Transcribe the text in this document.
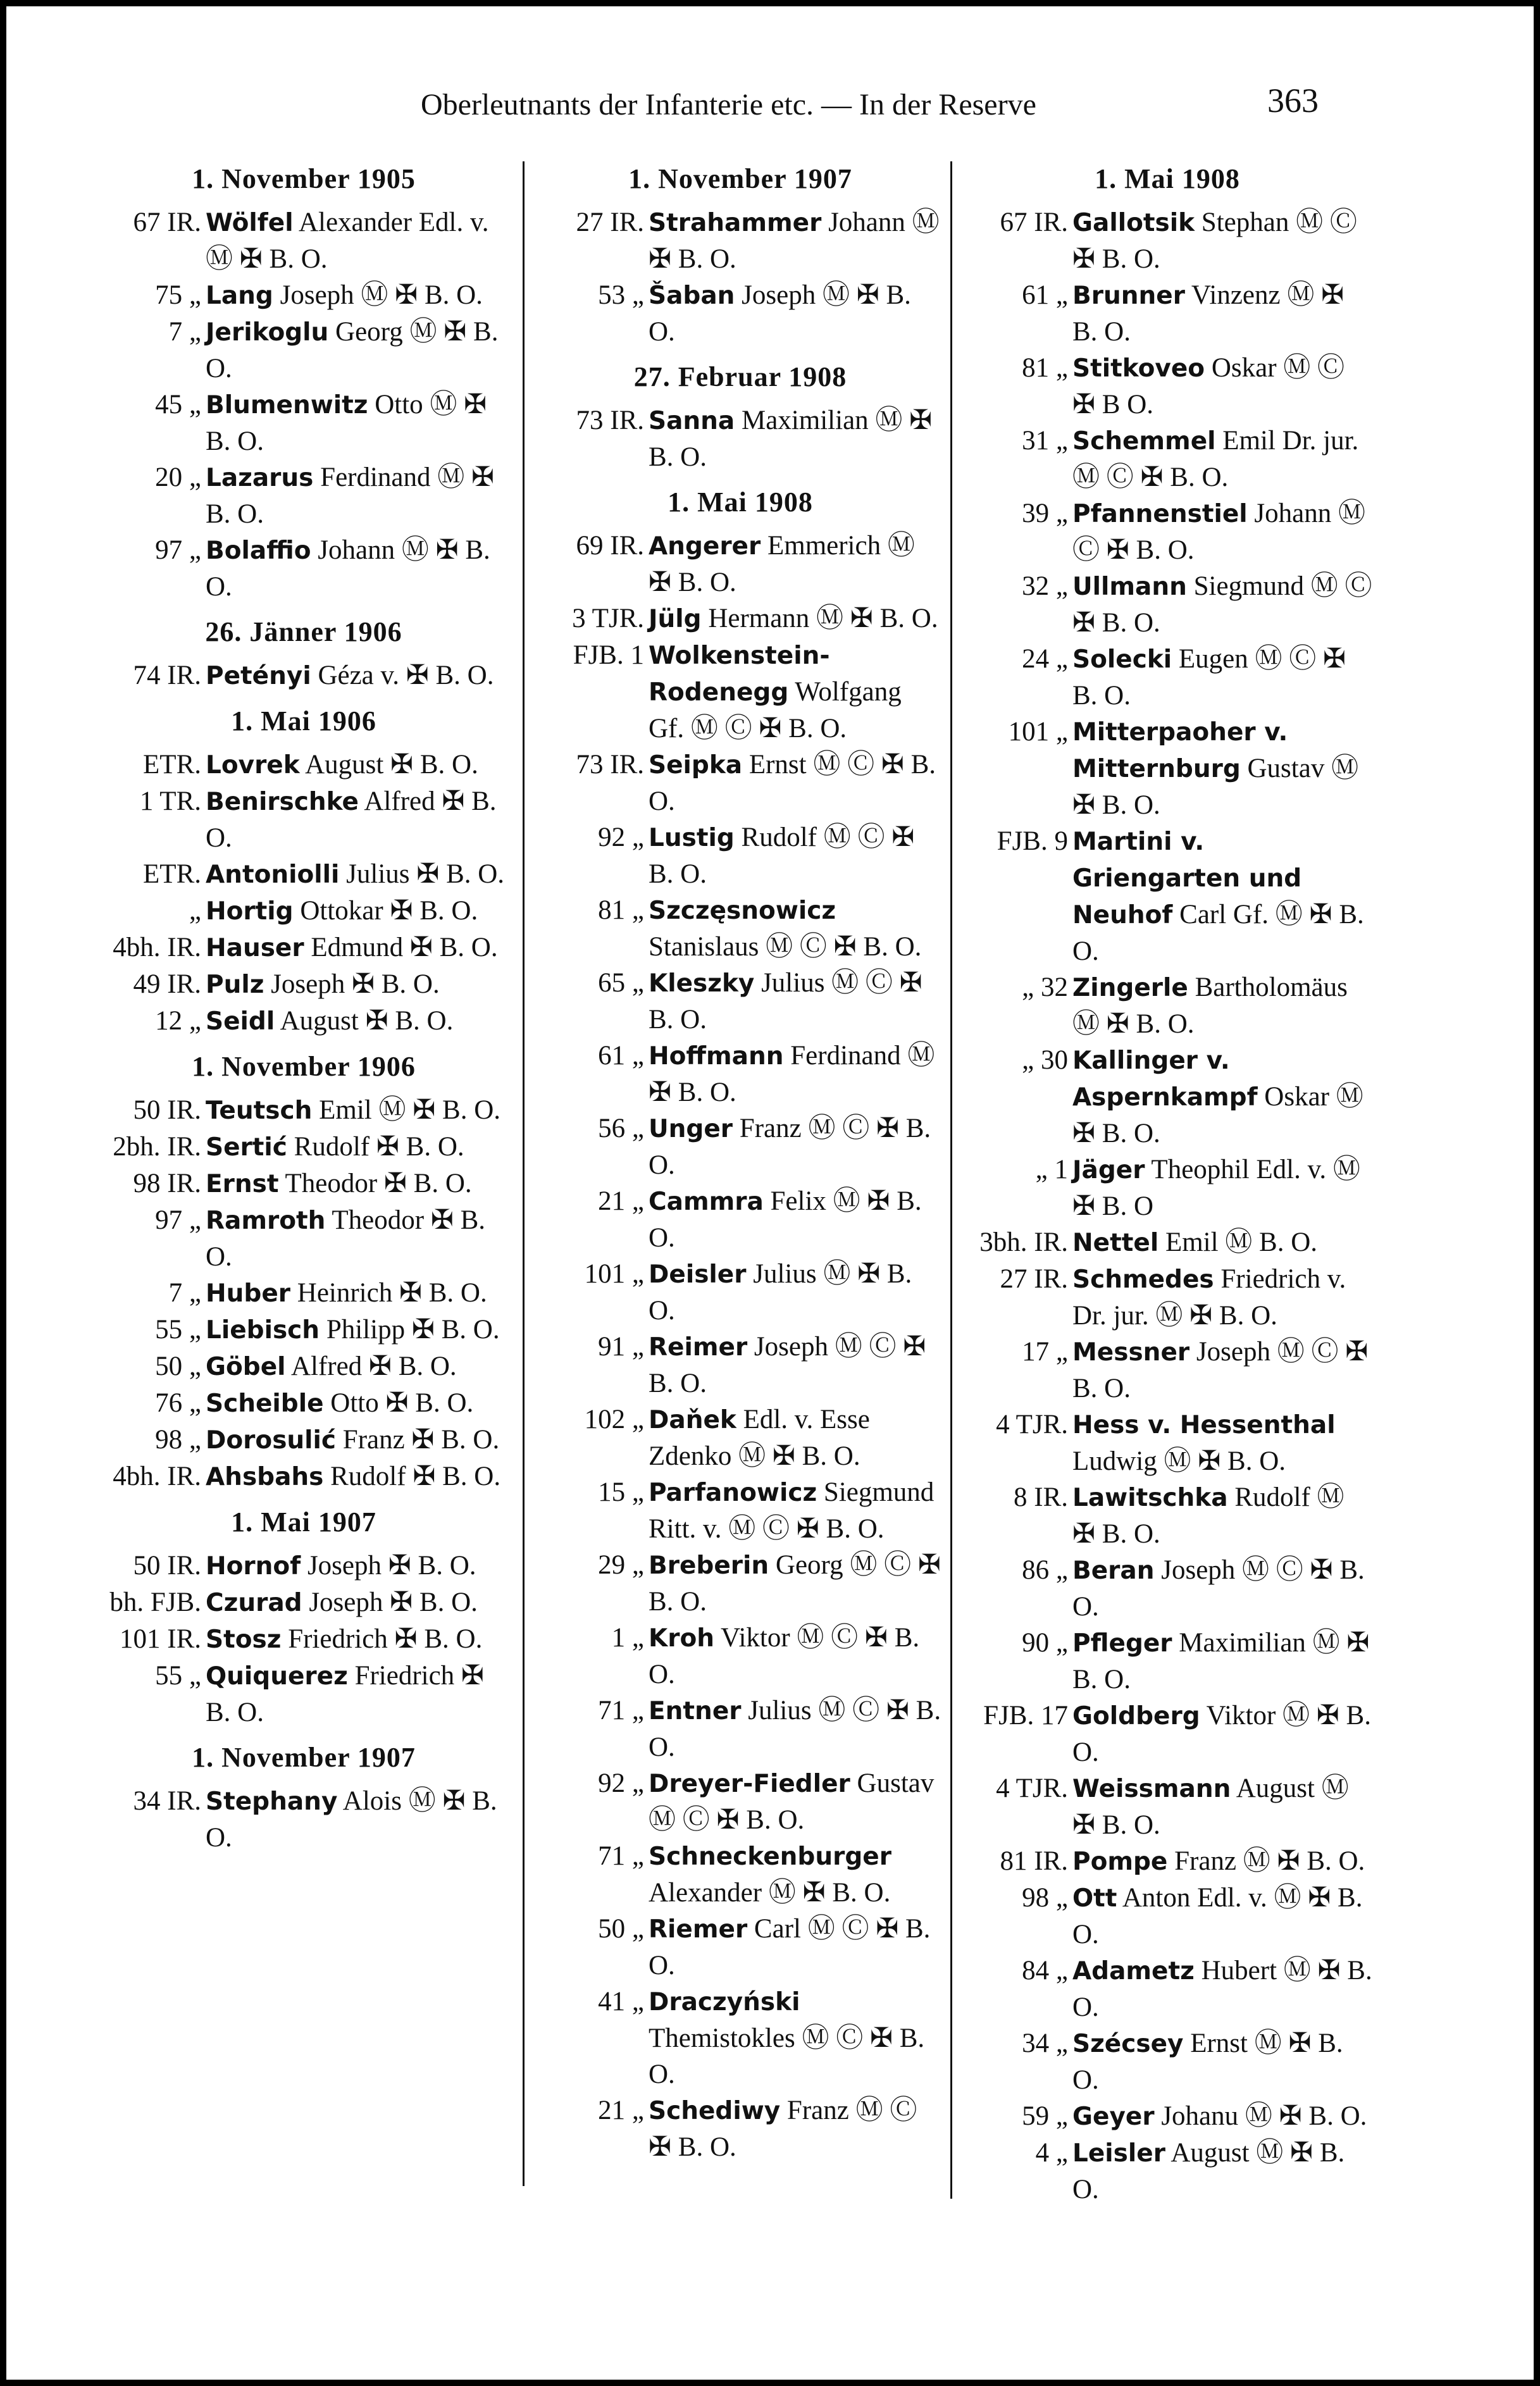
Oberleutnants der Infanterie etc. — In der Reserve	363
1. November 1905
67 IR. Wölfel Alexander Edl. v. Ⓜ ✠ B. O.
75 „ Lang Joseph Ⓜ ✠ B. O.
7 „ Jerikoglu Georg Ⓜ ✠ B. O.
45 „ Blumenwitz Otto Ⓜ ✠ B. O.
20 „ Lazarus Ferdinand Ⓜ ✠ B. O.
97 „ Bolaffio Johann Ⓜ ✠ B. O.
26. Jänner 1906
74 IR. Petényi Géza v. ✠ B. O.
1. Mai 1906
ETR. Lovrek August ✠ B. O.
1 TR. Benirschke Alfred ✠ B. O.
ETR. Antoniolli Julius ✠ B. O.
„ Hortig Ottokar ✠ B. O.
4bh. IR. Hauser Edmund ✠ B. O.
49 IR. Pulz Joseph ✠ B. O.
12 „ Seidl August ✠ B. O.
1. November 1906
50 IR. Teutsch Emil Ⓜ ✠ B. O.
2bh. IR. Sertić Rudolf ✠ B. O.
98 IR. Ernst Theodor ✠ B. O.
97 „ Ramroth Theodor ✠ B. O.
7 „ Huber Heinrich ✠ B. O.
55 „ Liebisch Philipp ✠ B. O.
50 „ Göbel Alfred ✠ B. O.
76 „ Scheible Otto ✠ B. O.
98 „ Dorosulić Franz ✠ B. O.
4bh. IR. Ahsbahs Rudolf ✠ B. O.
1. Mai 1907
50 IR. Hornof Joseph ✠ B. O.
bh. FJB. Czurad Joseph ✠ B. O.
101 IR. Stosz Friedrich ✠ B. O.
55 „ Quiquerez Friedrich ✠ B. O.
1. November 1907
34 IR. Stephany Alois Ⓜ ✠ B. O.
1. November 1907
27 IR. Strahammer Johann Ⓜ ✠ B. O.
53 „ Šaban Joseph Ⓜ ✠ B. O.
27. Februar 1908
73 IR. Sanna Maximilian Ⓜ ✠ B. O.
1. Mai 1908
69 IR. Angerer Emmerich Ⓜ ✠ B. O.
3 TJR. Jülg Hermann Ⓜ ✠ B. O.
FJB. 1 Wolkenstein-Rodenegg Wolfgang Gf. Ⓜ Ⓒ ✠ B. O.
73 IR. Seipka Ernst Ⓜ Ⓒ ✠ B. O.
92 „ Lustig Rudolf Ⓜ Ⓒ ✠ B. O.
81 „ Szczęsnowicz Stanislaus Ⓜ Ⓒ ✠ B. O.
65 „ Kleszky Julius Ⓜ Ⓒ ✠ B. O.
61 „ Hoffmann Ferdinand Ⓜ ✠ B. O.
56 „ Unger Franz Ⓜ Ⓒ ✠ B. O.
21 „ Cammra Felix Ⓜ ✠ B. O.
101 „ Deisler Julius Ⓜ ✠ B. O.
91 „ Reimer Joseph Ⓜ Ⓒ ✠ B. O.
102 „ Daňek Edl. v. Esse Zdenko Ⓜ ✠ B. O.
15 „ Parfanowicz Siegmund Ritt. v. Ⓜ Ⓒ ✠ B. O.
29 „ Breberin Georg Ⓜ Ⓒ ✠ B. O.
1 „ Kroh Viktor Ⓜ Ⓒ ✠ B. O.
71 „ Entner Julius Ⓜ Ⓒ ✠ B. O.
92 „ Dreyer-Fiedler Gustav Ⓜ Ⓒ ✠ B. O.
71 „ Schneckenburger Alexander Ⓜ ✠ B. O.
50 „ Riemer Carl Ⓜ Ⓒ ✠ B. O.
41 „ Draczyński Themistokles Ⓜ Ⓒ ✠ B. O.
21 „ Schediwy Franz Ⓜ Ⓒ ✠ B. O.
1. Mai 1908
67 IR. Gallotsik Stephan Ⓜ Ⓒ ✠ B. O.
61 „ Brunner Vinzenz Ⓜ ✠ B. O.
81 „ Stitkoveo Oskar Ⓜ Ⓒ ✠ B O.
31 „ Schemmel Emil Dr. jur. Ⓜ Ⓒ ✠ B. O.
39 „ Pfannenstiel Johann Ⓜ Ⓒ ✠ B. O.
32 „ Ullmann Siegmund Ⓜ Ⓒ ✠ B. O.
24 „ Solecki Eugen Ⓜ Ⓒ ✠ B. O.
101 „ Mitterpaoher v. Mitternburg Gustav Ⓜ ✠ B. O.
FJB. 9 Martini v. Griengarten und Neuhof Carl Gf. Ⓜ ✠ B. O.
„ 32 Zingerle Bartholomäus Ⓜ ✠ B. O.
„ 30 Kallinger v. Aspernkampf Oskar Ⓜ ✠ B. O.
„ 1 Jäger Theophil Edl. v. Ⓜ ✠ B. O
3bh. IR. Nettel Emil Ⓜ B. O.
27 IR. Schmedes Friedrich v. Dr. jur. Ⓜ ✠ B. O.
17 „ Messner Joseph Ⓜ Ⓒ ✠ B. O.
4 TJR. Hess v. Hessenthal Ludwig Ⓜ ✠ B. O.
8 IR. Lawitschka Rudolf Ⓜ ✠ B. O.
86 „ Beran Joseph Ⓜ Ⓒ ✠ B. O.
90 „ Pfleger Maximilian Ⓜ ✠ B. O.
FJB. 17 Goldberg Viktor Ⓜ ✠ B. O.
4 TJR. Weissmann August Ⓜ ✠ B. O.
81 IR. Pompe Franz Ⓜ ✠ B. O.
98 „ Ott Anton Edl. v. Ⓜ ✠ B. O.
84 „ Adametz Hubert Ⓜ ✠ B. O.
34 „ Szécsey Ernst Ⓜ ✠ B. O.
59 „ Geyer Johanu Ⓜ ✠ B. O.
4 „ Leisler August Ⓜ ✠ B. O.
